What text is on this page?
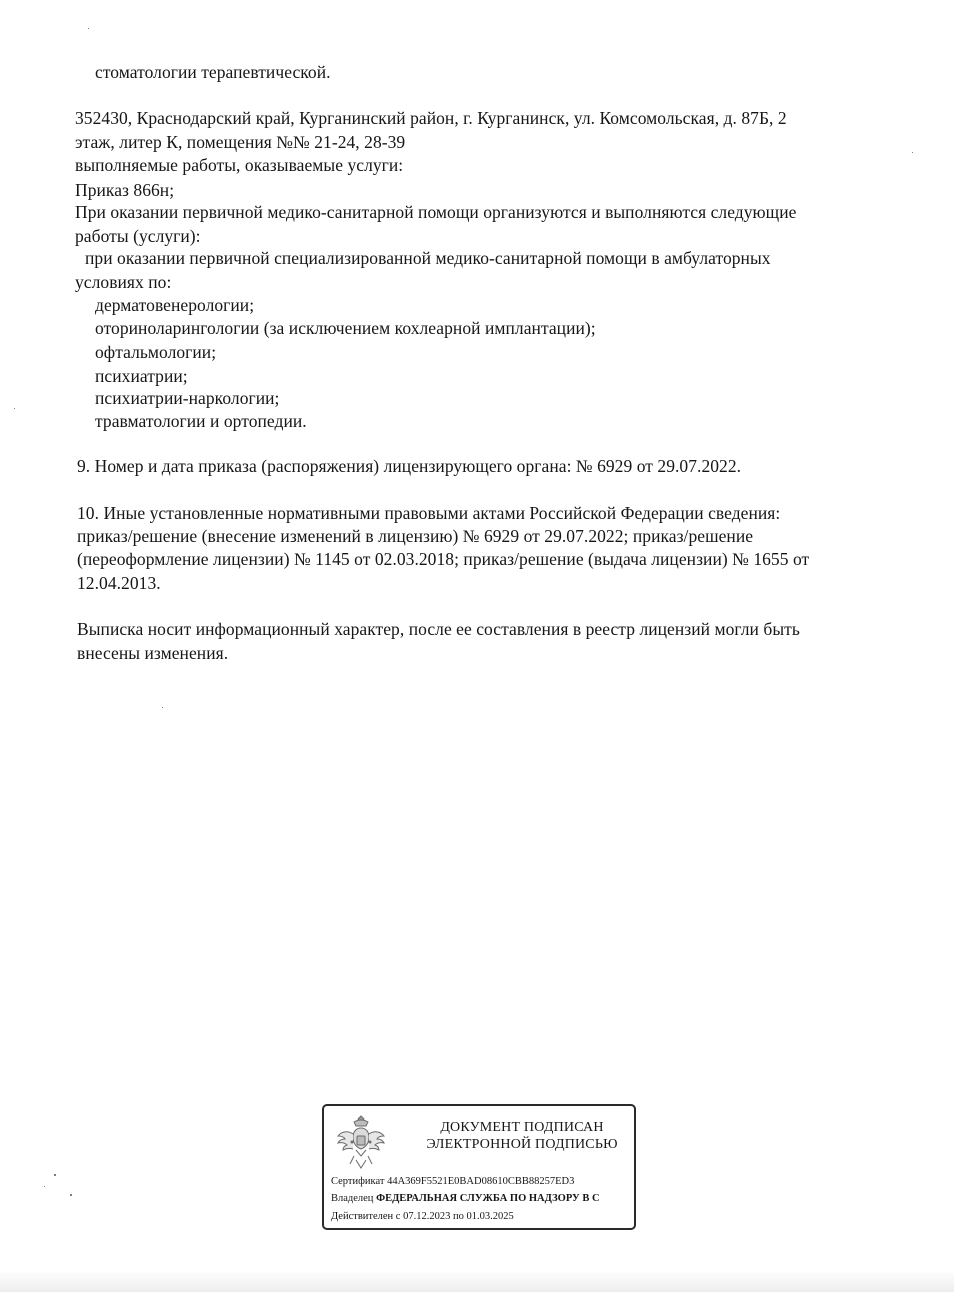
стоматологии терапевтической.
352430, Краснодарский край, Курганинский район, г. Курганинск, ул. Комсомольская, д. 87Б, 2
этаж, литер К, помещения №№ 21-24, 28-39
выполняемые работы, оказываемые услуги:
Приказ 866н;
При оказании первичной медико-санитарной помощи организуются и выполняются следующие
работы (услуги):
при оказании первичной специализированной медико-санитарной помощи в амбулаторных
условиях по:
дерматовенерологии;
оториноларингологии (за исключением кохлеарной имплантации);
офтальмологии;
психиатрии;
психиатрии-наркологии;
травматологии и ортопедии.
9. Номер и дата приказа (распоряжения) лицензирующего органа: № 6929 от 29.07.2022.
10. Иные установленные нормативными правовыми актами Российской Федерации сведения:
приказ/решение (внесение изменений в лицензию) № 6929 от 29.07.2022; приказ/решение
(переоформление лицензии) № 1145 от 02.03.2018; приказ/решение (выдача лицензии) № 1655 от
12.04.2013.
Выписка носит информационный характер, после ее составления в реестр лицензий могли быть
внесены изменения.
ДОКУМЕНТ ПОДПИСАН
ЭЛЕКТРОННОЙ ПОДПИСЬЮ
Сертификат 44A369F5521E0BAD08610CBB88257ED3
Владелец ФЕДЕРАЛЬНАЯ СЛУЖБА ПО НАДЗОРУ В С
Действителен с 07.12.2023 по 01.03.2025
